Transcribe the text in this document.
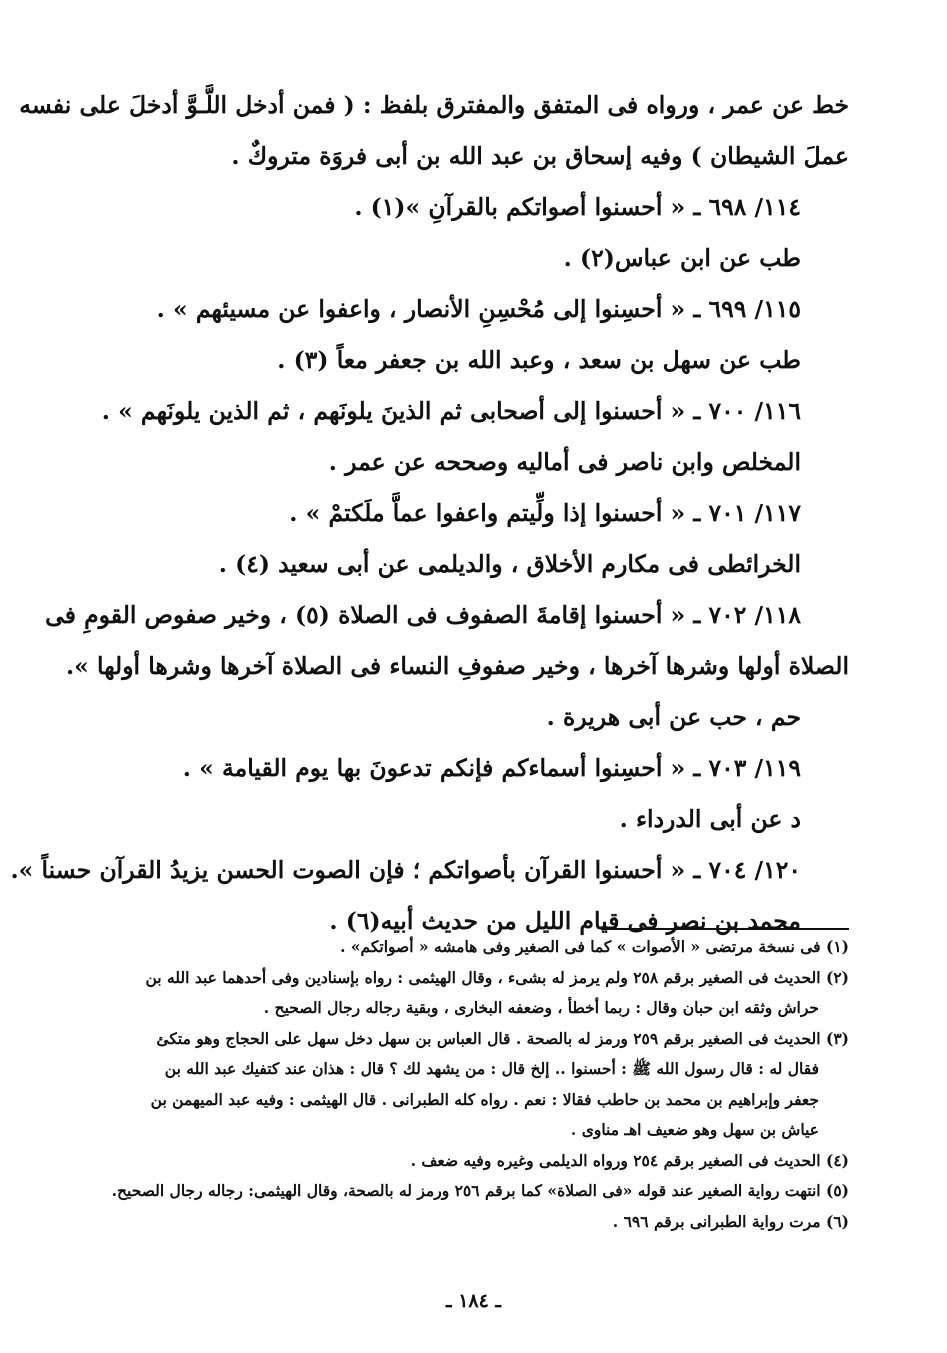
خط عن عمر ، ورواه فى المتفق والمفترق بلفظ : ( فمن أدخل اللَّـوَّ أدخلَ على نفسه
عملَ الشيطان ) وفيه إسحاق بن عبد الله بن أبى فروَة متروكٌ .
١١٤/ ٦٩٨ ـ « أحسنوا أصواتكم بالقرآنِ »(١) .
طب عن ابن عباس(٢) .
١١٥/ ٦٩٩ ـ « أحسِنوا إلى مُحْسِنِ الأنصار ، واعفوا عن مسيئهم » .
طب عن سهل بن سعد ، وعبد الله بن جعفر معاً (٣) .
١١٦/ ٧٠٠ ـ « أحسنوا إلى أصحابى ثم الذينَ يلونَهم ، ثم الذين يلونَهم » .
المخلص وابن ناصر فى أماليه وصححه عن عمر .
١١٧/ ٧٠١ ـ « أحسنوا إذا ولِّيتم واعفوا عماَّ ملَكتمْ » .
الخرائطى فى مكارم الأخلاق ، والديلمى عن أبى سعيد (٤) .
١١٨/ ٧٠٢ ـ « أحسنوا إقامةَ الصفوف فى الصلاة (٥) ، وخير صفوص القومِ فى
الصلاة أولها وشرها آخرها ، وخير صفوفِ النساء فى الصلاة آخرها وشرها أولها ».
حم ، حب عن أبى هريرة .
١١٩/ ٧٠٣ ـ « أحسِنوا أسماءكم فإنكم تدعونَ بها يوم القيامة » .
د عن أبى الدرداء .
١٢٠/ ٧٠٤ ـ « أحسنوا القرآن بأصواتكم ؛ فإن الصوت الحسن يزيدُ القرآن حسناً ».
محمد بن نصر فى قيام الليل من حديث أبيه(٦) .
(١) فى نسخة مرتضى « الأصوات » كما فى الصغير وفى هامشه « أصواتكم» .
(٢) الحديث فى الصغير برقم ٢٥٨ ولم يرمز له بشىء ، وقال الهيثمى : رواه بإسنادين وفى أحدهما عبد الله بن
حراش وثقه ابن حبان وقال : ربما أخطأ ، وضعفه البخارى ، وبقية رجاله رجال الصحيح .
(٣) الحديث فى الصغير برقم ٢٥٩ ورمز له بالصحة . قال العباس بن سهل دخل سهل على الحجاج وهو متكئ
فقال له : قال رسول الله ﷺ : أحسنوا .. إلخ قال : من يشهد لك ؟ قال : هذان عند كتفيك عبد الله بن
جعفر وإبراهيم بن محمد بن حاطب فقالا : نعم . رواه كله الطبرانى . قال الهيثمى : وفيه عبد الميهمن بن
عياش بن سهل وهو ضعيف اهـ مناوى .
(٤) الحديث فى الصغير برقم ٢٥٤ ورواه الديلمى وغيره وفيه ضعف .
(٥) انتهت رواية الصغير عند قوله «فى الصلاة» كما برقم ٢٥٦ ورمز له بالصحة، وقال الهيثمى: رجاله رجال الصحيح.
(٦) مرت رواية الطبرانى برقم ٦٩٦ .
ـ ١٨٤ ـ
